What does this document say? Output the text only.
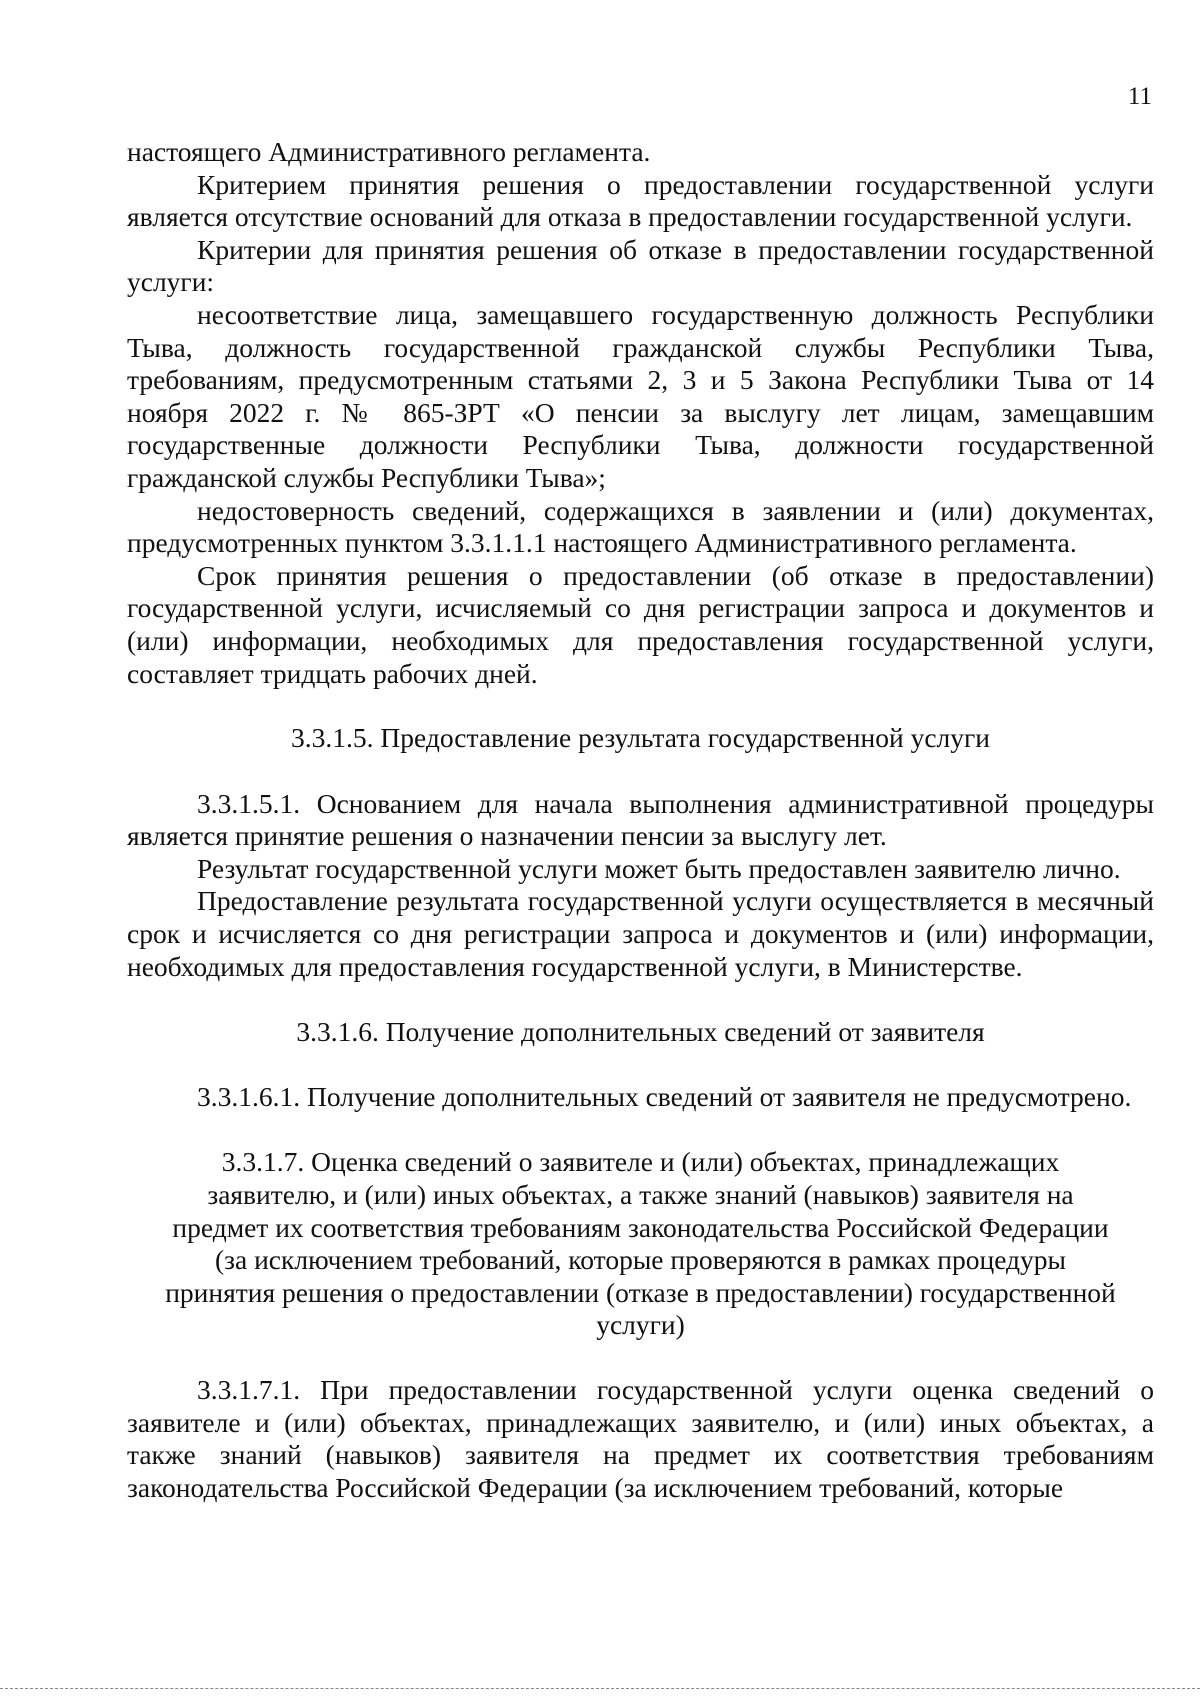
11

настоящего Административного регламента.

Критерием принятия решения о предоставлении государственной услуги является отсутствие оснований для отказа в предоставлении государственной услуги.

Критерии для принятия решения об отказе в предоставлении государственной услуги:

несоответствие лица, замещавшего государственную должность Республики Тыва, должность государственной гражданской службы Республики Тыва, требованиям, предусмотренным статьями 2, 3 и 5 Закона Республики Тыва от 14 ноября 2022 г. № 865-ЗРТ «О пенсии за выслугу лет лицам, замещавшим государственные должности Республики Тыва, должности государственной гражданской службы Республики Тыва»;

недостоверность сведений, содержащихся в заявлении и (или) документах, предусмотренных пунктом 3.3.1.1.1 настоящего Административного регламента.

Срок принятия решения о предоставлении (об отказе в предоставлении) государственной услуги, исчисляемый со дня регистрации запроса и документов и (или) информации, необходимых для предоставления государственной услуги, составляет тридцать рабочих дней.

3.3.1.5. Предоставление результата государственной услуги

3.3.1.5.1. Основанием для начала выполнения административной процедуры является принятие решения о назначении пенсии за выслугу лет.

Результат государственной услуги может быть предоставлен заявителю лично.

Предоставление результата государственной услуги осуществляется в месячный срок и исчисляется со дня регистрации запроса и документов и (или) информации, необходимых для предоставления государственной услуги, в Министерстве.

3.3.1.6. Получение дополнительных сведений от заявителя

3.3.1.6.1. Получение дополнительных сведений от заявителя не предусмотрено.

3.3.1.7. Оценка сведений о заявителе и (или) объектах, принадлежащих заявителю, и (или) иных объектах, а также знаний (навыков) заявителя на предмет их соответствия требованиям законодательства Российской Федерации (за исключением требований, которые проверяются в рамках процедуры принятия решения о предоставлении (отказе в предоставлении) государственной услуги)

3.3.1.7.1. При предоставлении государственной услуги оценка сведений о заявителе и (или) объектах, принадлежащих заявителю, и (или) иных объектах, а также знаний (навыков) заявителя на предмет их соответствия требованиям законодательства Российской Федерации (за исключением требований, которые
